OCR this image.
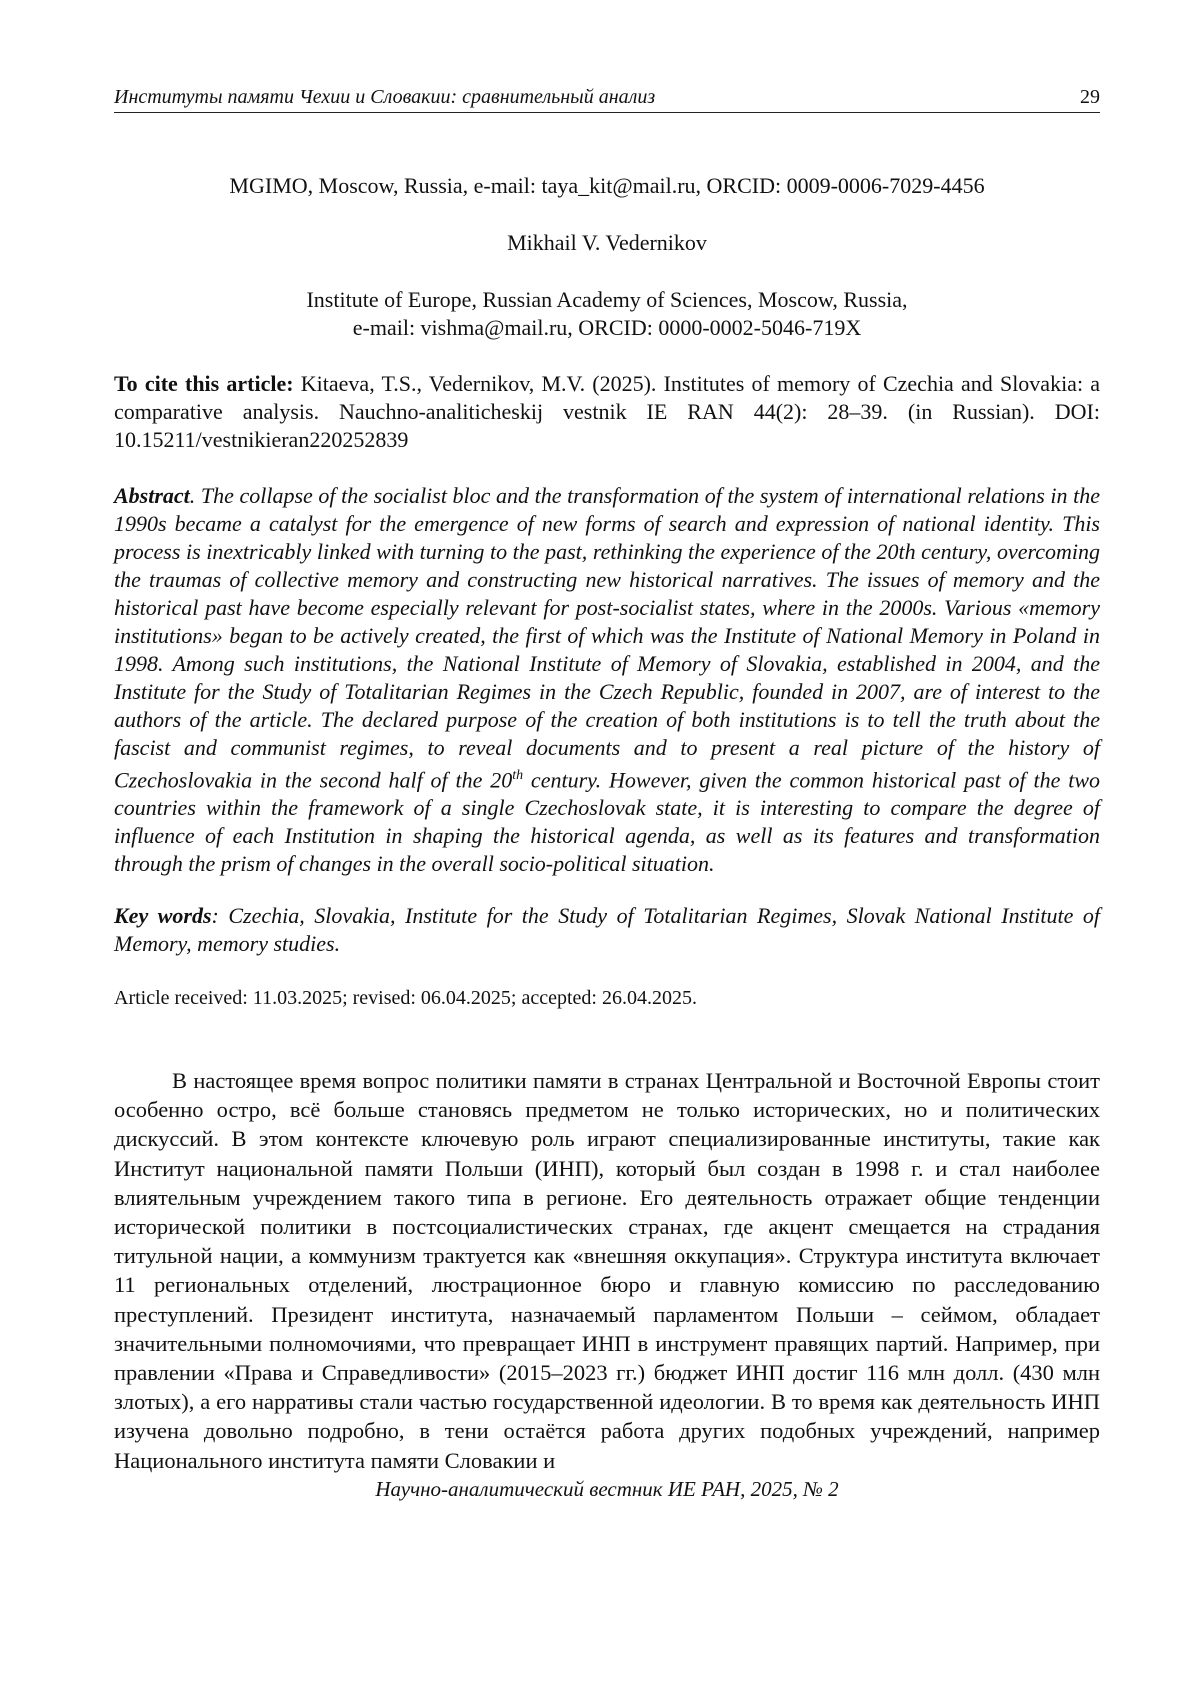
Институты памяти Чехии и Словакии: сравнительный анализ	29
MGIMO, Moscow, Russia, e-mail: taya_kit@mail.ru, ORCID: 0009-0006-7029-4456
Mikhail V. Vedernikov
Institute of Europe, Russian Academy of Sciences, Moscow, Russia,
e-mail: vishma@mail.ru, ORCID: 0000-0002-5046-719X
To cite this article: Kitaeva, T.S., Vedernikov, M.V. (2025). Institutes of memory of Czechia and Slovakia: a comparative analysis. Nauchno-analiticheskij vestnik IE RAN 44(2): 28–39. (in Russian). DOI: 10.15211/vestnikieran220252839
Abstract. The collapse of the socialist bloc and the transformation of the system of international relations in the 1990s became a catalyst for the emergence of new forms of search and expression of national identity. This process is inextricably linked with turning to the past, rethinking the experience of the 20th century, overcoming the traumas of collective memory and constructing new historical narratives. The issues of memory and the historical past have become especially relevant for post-socialist states, where in the 2000s. Various «memory institutions» began to be actively created, the first of which was the Institute of National Memory in Poland in 1998. Among such institutions, the National Institute of Memory of Slovakia, established in 2004, and the Institute for the Study of Totalitarian Regimes in the Czech Republic, founded in 2007, are of interest to the authors of the article. The declared purpose of the creation of both institutions is to tell the truth about the fascist and communist regimes, to reveal documents and to present a real picture of the history of Czechoslovakia in the second half of the 20th century. However, given the common historical past of the two countries within the framework of a single Czechoslovak state, it is interesting to compare the degree of influence of each Institution in shaping the historical agenda, as well as its features and transformation through the prism of changes in the overall socio-political situation.
Key words: Czechia, Slovakia, Institute for the Study of Totalitarian Regimes, Slovak National Institute of Memory, memory studies.
Article received: 11.03.2025; revised: 06.04.2025; accepted: 26.04.2025.
В настоящее время вопрос политики памяти в странах Центральной и Восточной Европы стоит особенно остро, всё больше становясь предметом не только исторических, но и политических дискуссий. В этом контексте ключевую роль играют специализированные институты, такие как Институт национальной памяти Польши (ИНП), который был создан в 1998 г. и стал наиболее влиятельным учреждением такого типа в регионе. Его деятельность отражает общие тенденции исторической политики в постсоциалистических странах, где акцент смещается на страдания титульной нации, а коммунизм трактуется как «внешняя оккупация». Структура института включает 11 региональных отделений, люстрационное бюро и главную комиссию по расследованию преступлений. Президент института, назначаемый парламентом Польши – сеймом, обладает значительными полномочиями, что превращает ИНП в инструмент правящих партий. Например, при правлении «Права и Справедливости» (2015–2023 гг.) бюджет ИНП достиг 116 млн долл. (430 млн злотых), а его нарративы стали частью государственной идеологии. В то время как деятельность ИНП изучена довольно подробно, в тени остаётся работа других подобных учреждений, например Национального института памяти Словакии и
Научно-аналитический вестник ИЕ РАН, 2025, № 2
